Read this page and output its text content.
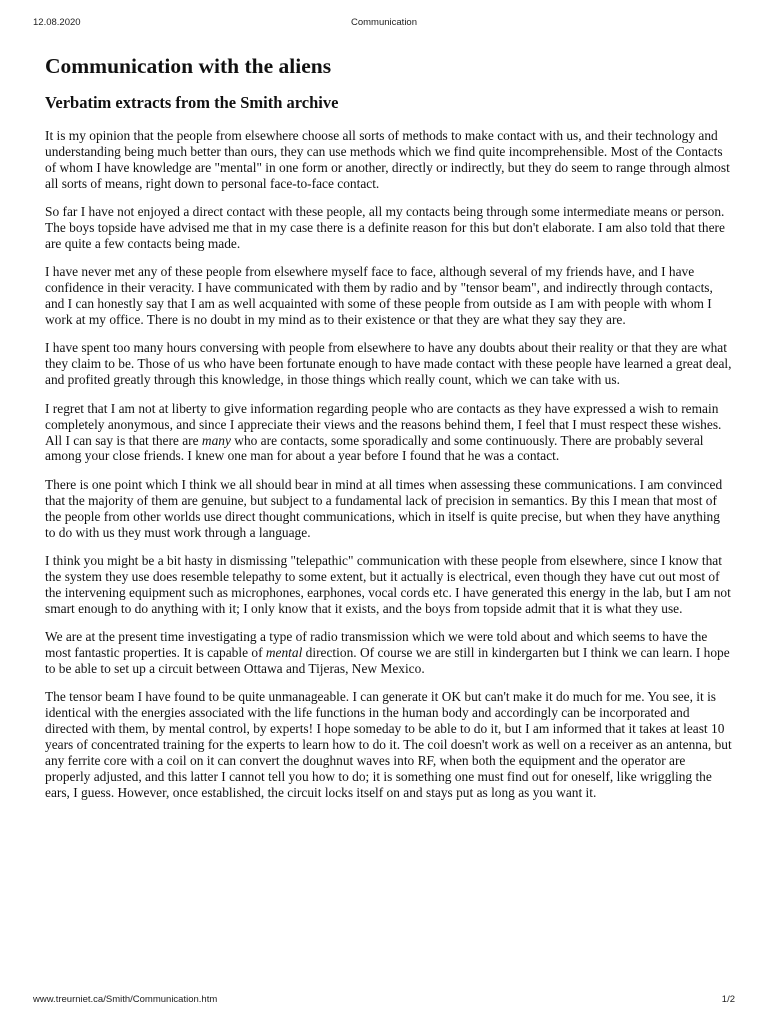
12.08.2020	Communication
Communication with the aliens
Verbatim extracts from the Smith archive

It is my opinion that the people from elsewhere choose all sorts of methods to make contact with us, and their technology and understanding being much better than ours, they can use methods which we find quite incomprehensible. Most of the Contacts of whom I have knowledge are "mental" in one form or another, directly or indirectly, but they do seem to range through almost all sorts of means, right down to personal face-to-face contact.

So far I have not enjoyed a direct contact with these people, all my contacts being through some intermediate means or person. The boys topside have advised me that in my case there is a definite reason for this but don't elaborate. I am also told that there are quite a few contacts being made.

I have never met any of these people from elsewhere myself face to face, although several of my friends have, and I have confidence in their veracity. I have communicated with them by radio and by "tensor beam", and indirectly through contacts, and I can honestly say that I am as well acquainted with some of these people from outside as I am with people with whom I work at my office. There is no doubt in my mind as to their existence or that they are what they say they are.

I have spent too many hours conversing with people from elsewhere to have any doubts about their reality or that they are what they claim to be. Those of us who have been fortunate enough to have made contact with these people have learned a great deal, and profited greatly through this knowledge, in those things which really count, which we can take with us.

I regret that I am not at liberty to give information regarding people who are contacts as they have expressed a wish to remain completely anonymous, and since I appreciate their views and the reasons behind them, I feel that I must respect these wishes. All I can say is that there are many who are contacts, some sporadically and some continuously. There are probably several among your close friends. I knew one man for about a year before I found that he was a contact.

There is one point which I think we all should bear in mind at all times when assessing these communications. I am convinced that the majority of them are genuine, but subject to a fundamental lack of precision in semantics. By this I mean that most of the people from other worlds use direct thought communications, which in itself is quite precise, but when they have anything to do with us they must work through a language.

I think you might be a bit hasty in dismissing "telepathic" communication with these people from elsewhere, since I know that the system they use does resemble telepathy to some extent, but it actually is electrical, even though they have cut out most of the intervening equipment such as microphones, earphones, vocal cords etc. I have generated this energy in the lab, but I am not smart enough to do anything with it; I only know that it exists, and the boys from topside admit that it is what they use.

We are at the present time investigating a type of radio transmission which we were told about and which seems to have the most fantastic properties. It is capable of mental direction. Of course we are still in kindergarten but I think we can learn. I hope to be able to set up a circuit between Ottawa and Tijeras, New Mexico.

The tensor beam I have found to be quite unmanageable. I can generate it OK but can't make it do much for me. You see, it is identical with the energies associated with the life functions in the human body and accordingly can be incorporated and directed with them, by mental control, by experts! I hope someday to be able to do it, but I am informed that it takes at least 10 years of concentrated training for the experts to learn how to do it. The coil doesn't work as well on a receiver as an antenna, but any ferrite core with a coil on it can convert the doughnut waves into RF, when both the equipment and the operator are properly adjusted, and this latter I cannot tell you how to do; it is something one must find out for oneself, like wriggling the ears, I guess. However, once established, the circuit locks itself on and stays put as long as you want it.

www.treurniet.ca/Smith/Communication.htm	1/2
